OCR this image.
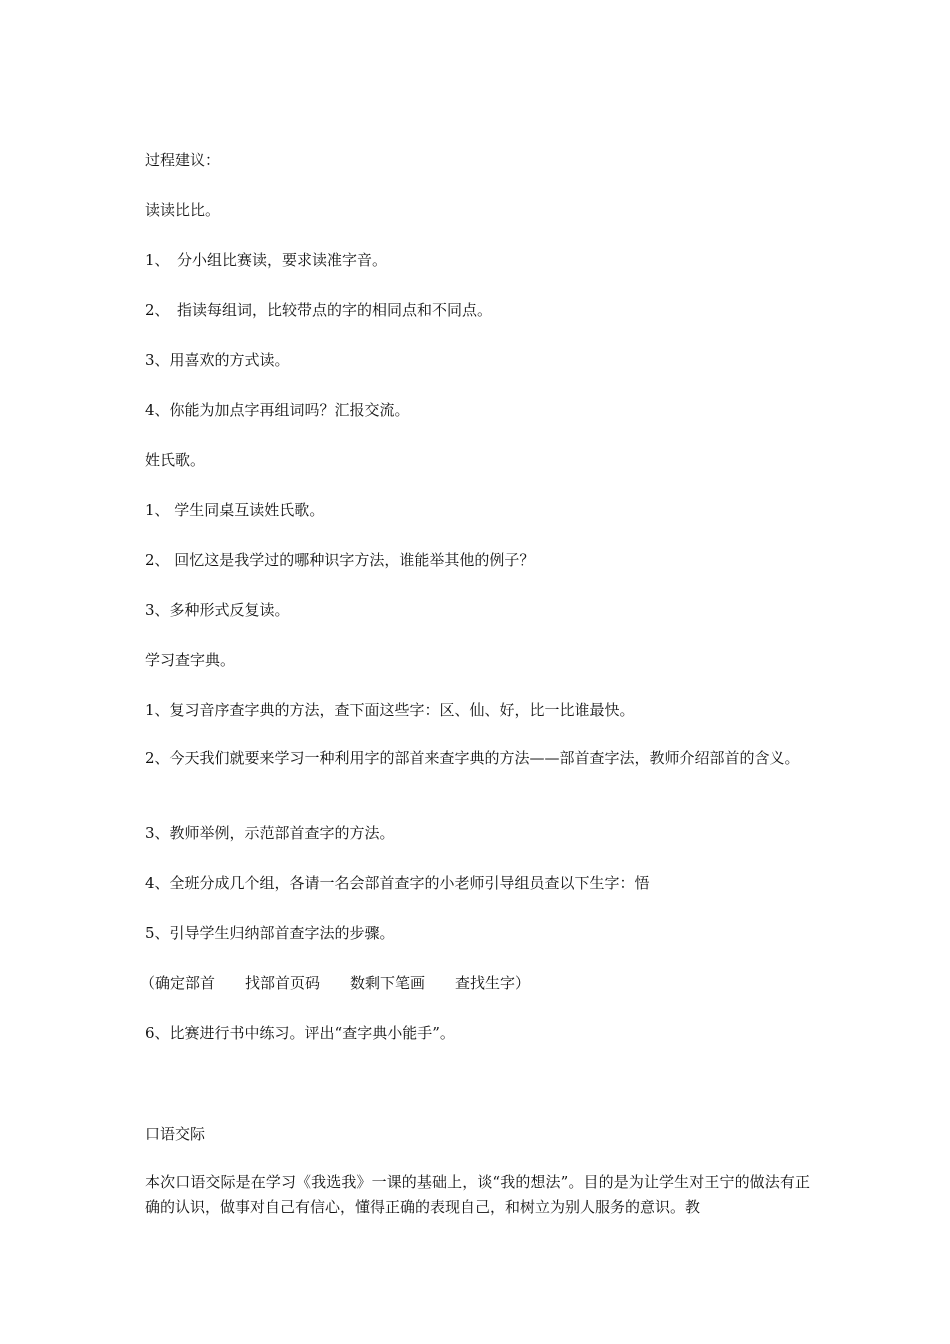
过程建议：
读读比比。
1、　分小组比赛读，要求读准字音。
2、　指读每组词，比较带点的字的相同点和不同点。
3、用喜欢的方式读。
4、你能为加点字再组词吗？汇报交流。
姓氏歌。
1、 学生同桌互读姓氏歌。
2、 回忆这是我学过的哪种识字方法，谁能举其他的例子？
3、多种形式反复读。
学习查字典。
1、复习音序查字典的方法，查下面这些字：区、仙、好，比一比谁最快。
2、今天我们就要来学习一种利用字的部首来查字典的方法——部首查字法，教师介绍部首的含义。
3、教师举例，示范部首查字的方法。
4、全班分成几个组，各请一名会部首查字的小老师引导组员查以下生字：悟
5、引导学生归纳部首查字法的步骤。
（确定部首　　找部首页码　　数剩下笔画　　查找生字）
6、比赛进行书中练习。评出“查字典小能手”。
口语交际
本次口语交际是在学习《我选我》一课的基础上，谈“我的想法”。目的是为让学生对王宁的做法有正确的认识，做事对自己有信心，懂得正确的表现自己，和树立为别人服务的意识。教
